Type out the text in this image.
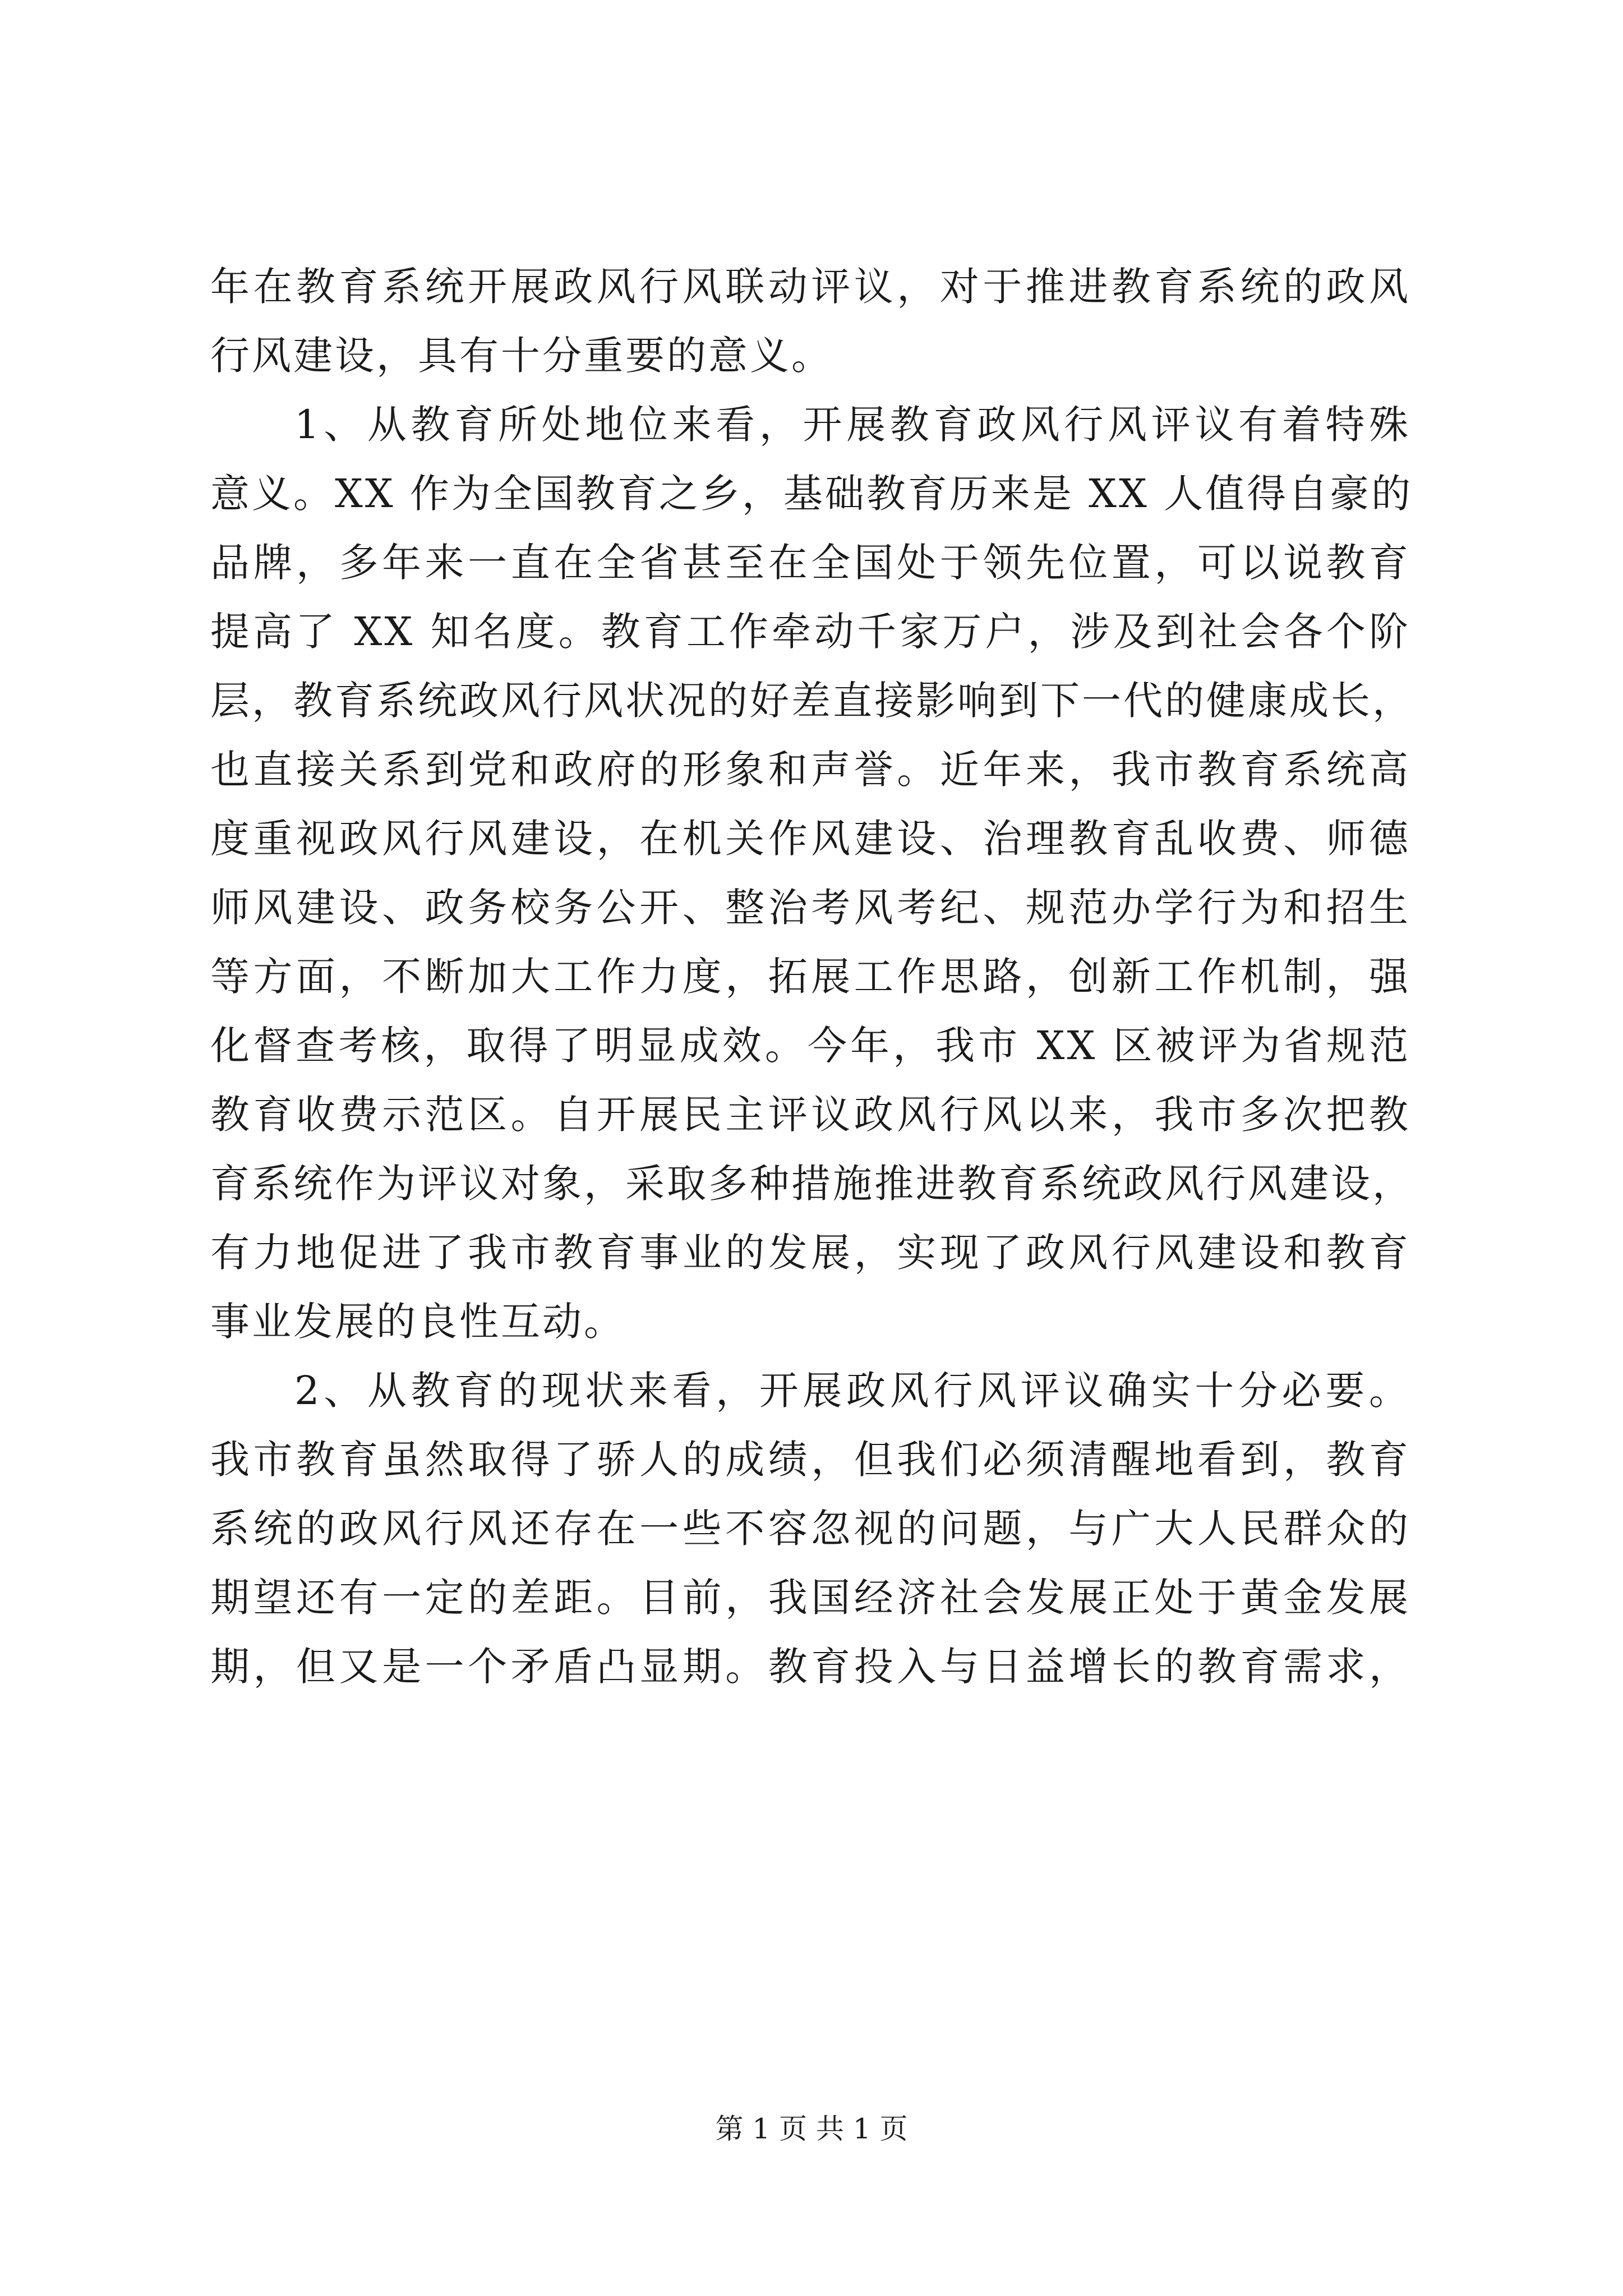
年在教育系统开展政风行风联动评议，对于推进教育系统的政风
行风建设，具有十分重要的意义。
1、从教育所处地位来看，开展教育政风行风评议有着特殊
意义。XX 作为全国教育之乡，基础教育历来是 XX 人值得自豪的
品牌，多年来一直在全省甚至在全国处于领先位置，可以说教育
提高了 XX 知名度。教育工作牵动千家万户，涉及到社会各个阶
层，教育系统政风行风状况的好差直接影响到下一代的健康成长，
也直接关系到党和政府的形象和声誉。近年来，我市教育系统高
度重视政风行风建设，在机关作风建设、治理教育乱收费、师德
师风建设、政务校务公开、整治考风考纪、规范办学行为和招生
等方面，不断加大工作力度，拓展工作思路，创新工作机制，强
化督查考核，取得了明显成效。今年，我市 XX 区被评为省规范
教育收费示范区。自开展民主评议政风行风以来，我市多次把教
育系统作为评议对象，采取多种措施推进教育系统政风行风建设，
有力地促进了我市教育事业的发展，实现了政风行风建设和教育
事业发展的良性互动。
2、从教育的现状来看，开展政风行风评议确实十分必要。
我市教育虽然取得了骄人的成绩，但我们必须清醒地看到，教育
系统的政风行风还存在一些不容忽视的问题，与广大人民群众的
期望还有一定的差距。目前，我国经济社会发展正处于黄金发展
期，但又是一个矛盾凸显期。教育投入与日益增长的教育需求，
第 1 页 共 1 页
